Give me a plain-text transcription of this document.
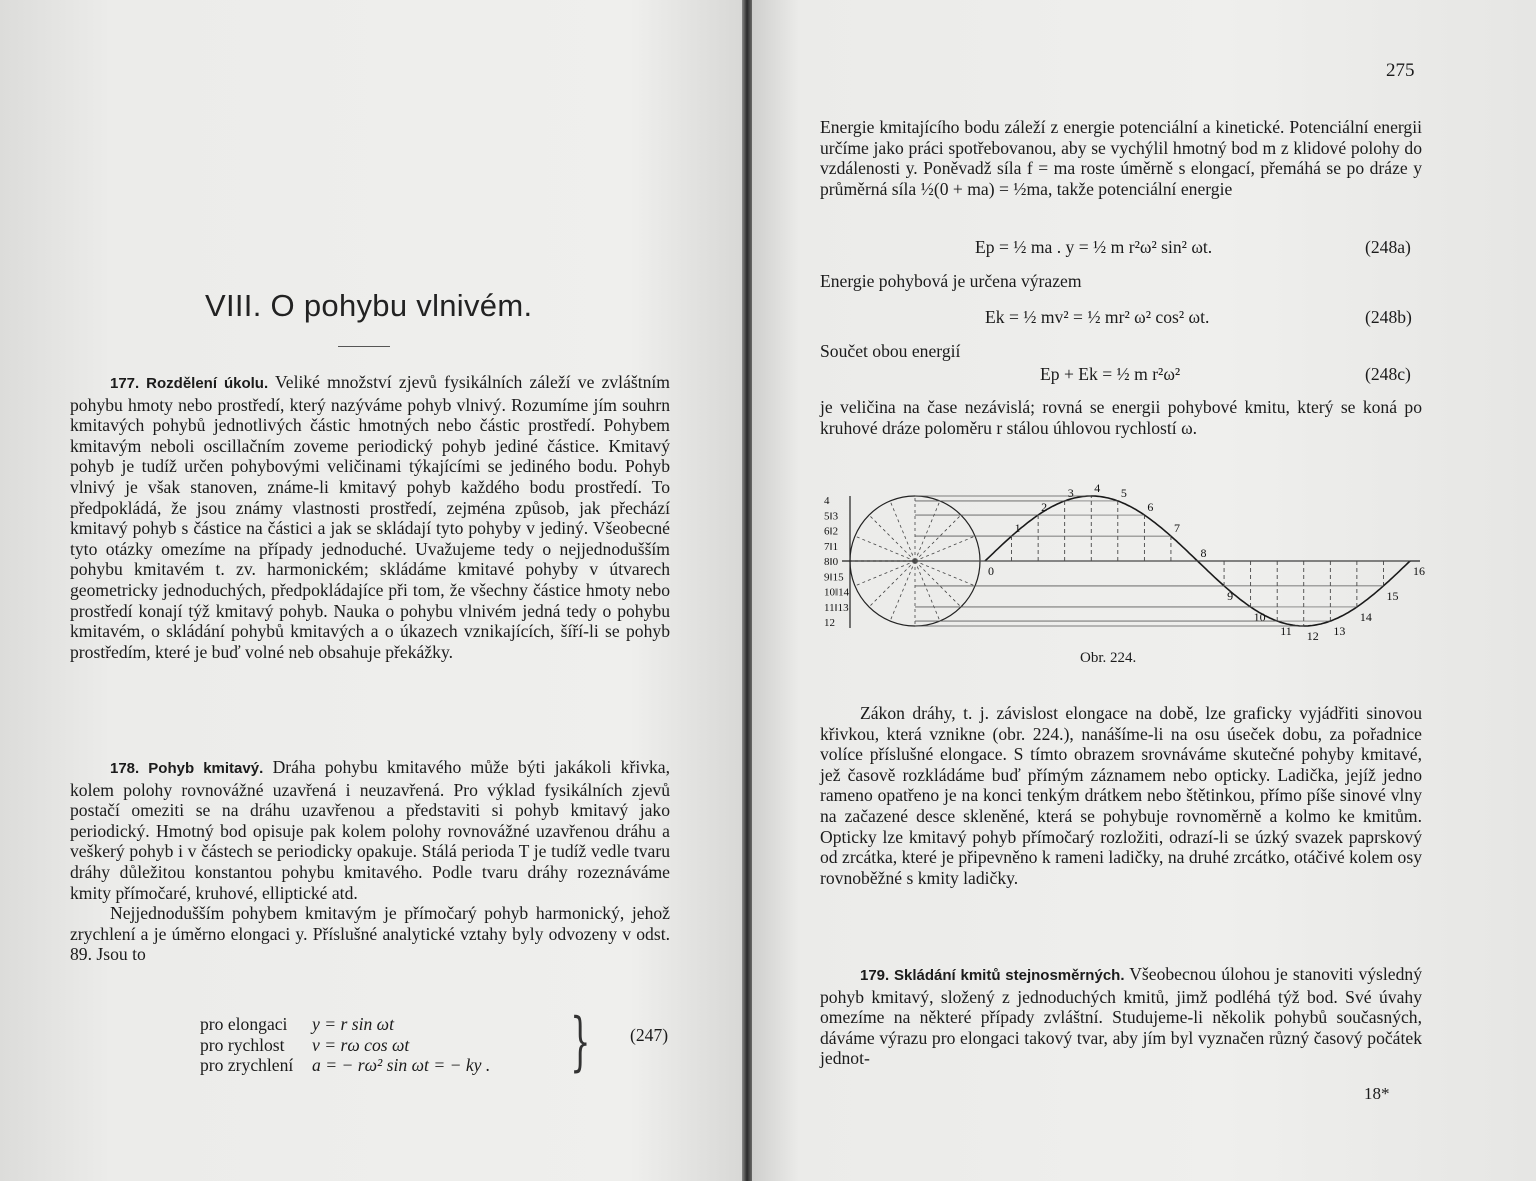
VIII. O pohybu vlnivém.

177. Rozdělení úkolu. Veliké množství zjevů fysikálních záleží ve zvláštním pohybu hmoty nebo prostředí, který nazýváme pohyb vlnivý. Rozumíme jím souhrn kmitavých pohybů jednotlivých částic hmotných nebo částic prostředí. Pohybem kmitavým neboli oscillačním zoveme periodický pohyb jediné částice. Kmitavý pohyb je tudíž určen pohybovými veličinami týkajícími se jediného bodu. Pohyb vlnivý je však stanoven, známe-li kmitavý pohyb každého bodu prostředí. To předpokládá, že jsou známy vlastnosti prostředí, zejména způsob, jak přechází kmitavý pohyb s částice na částici a jak se skládají tyto pohyby v jediný. Všeobecné tyto otázky omezíme na případy jednoduché. Uvažujeme tedy o nejjednodušším pohybu kmitavém t. zv. harmonickém; skládáme kmitavé pohyby v útvarech geometricky jednoduchých, předpokládajíce při tom, že všechny částice hmoty nebo prostředí konají týž kmitavý pohyb. Nauka o pohybu vlnivém jedná tedy o pohybu kmitavém, o skládání pohybů kmitavých a o úkazech vznikajících, šíří-li se pohyb prostředím, které je buď volné neb obsahuje překážky.

178. Pohyb kmitavý. Dráha pohybu kmitavého může býti jakákoli křivka, kolem polohy rovnovážné uzavřená i neuzavřená. Pro výklad fysikálních zjevů postačí omeziti se na dráhu uzavřenou a představiti si pohyb kmitavý jako periodický. Hmotný bod opisuje pak kolem polohy rovnovážné uzavřenou dráhu a veškerý pohyb i v částech se periodicky opakuje. Stálá perioda T je tudíž vedle tvaru dráhy důležitou konstantou pohybu kmitavého. Podle tvaru dráhy rozeznáváme kmity přímočaré, kruhové, elliptické atd.

Nejjednodušším pohybem kmitavým je přímočarý pohyb harmonický, jehož zrychlení a je úměrno elongaci y. Příslušné analytické vztahy byly odvozeny v odst. 89. Jsou to

pro elongaci	y = r sin ωt
pro rychlost	v = rω cos ωt
pro zrychlení	a = − rω² sin ωt = − ky . } (247)
275

Energie kmitajícího bodu záleží z energie potenciální a kinetické. Potenciální energii určíme jako práci spotřebovanou, aby se vychýlil hmotný bod m z klidové polohy do vzdálenosti y. Poněvadž síla f = ma roste úměrně s elongací, přemáhá se po dráze y průměrná síla ½(0 + ma) = ½ma, takže potenciální energie

Ep = ½ ma . y = ½ m r²ω² sin² ωt.	(248a)
Energie pohybová je určena výrazem
Ek = ½ mv² = ½ mr² ω² cos² ωt.	(248b)
Součet obou energií
Ep + Ek = ½ m r²ω²	(248c)

je veličina na čase nezávislá; rovná se energii pohybové kmitu, který se koná po kruhové dráze poloměru r stálou úhlovou rychlostí ω.

0
1
2
3 4 5
6
7
8
9
10
11 12 13
14
15
16
4
5‖3
6‖2
7‖1
8‖0
9‖15
10‖14
11‖13
12
Obr. 224.

Zákon dráhy, t. j. závislost elongace na době, lze graficky vyjádřiti sinovou křivkou, která vznikne (obr. 224.), nanášíme-li na osu úseček dobu, za pořadnice volíce příslušné elongace. S tímto obrazem srovnáváme skutečné pohyby kmitavé, jež časově rozkládáme buď přímým záznamem nebo opticky. Ladička, jejíž jedno rameno opatřeno je na konci tenkým drátkem nebo štětinkou, přímo píše sinové vlny na začazené desce skleněné, která se pohybuje rovnoměrně a kolmo ke kmitům. Opticky lze kmitavý pohyb přímočarý rozložiti, odrazí-li se úzký svazek paprskový od zrcátka, které je připevněno k rameni ladičky, na druhé zrcátko, otáčivé kolem osy rovnoběžné s kmity ladičky.

179. Skládání kmitů stejnosměrných. Všeobecnou úlohou je stanoviti výsledný pohyb kmitavý, složený z jednoduchých kmitů, jimž podléhá týž bod. Své úvahy omezíme na některé případy zvláštní. Studujeme-li několik pohybů současných, dáváme výrazu pro elongaci takový tvar, aby jím byl vyznačen různý časový počátek jednot-

18*
